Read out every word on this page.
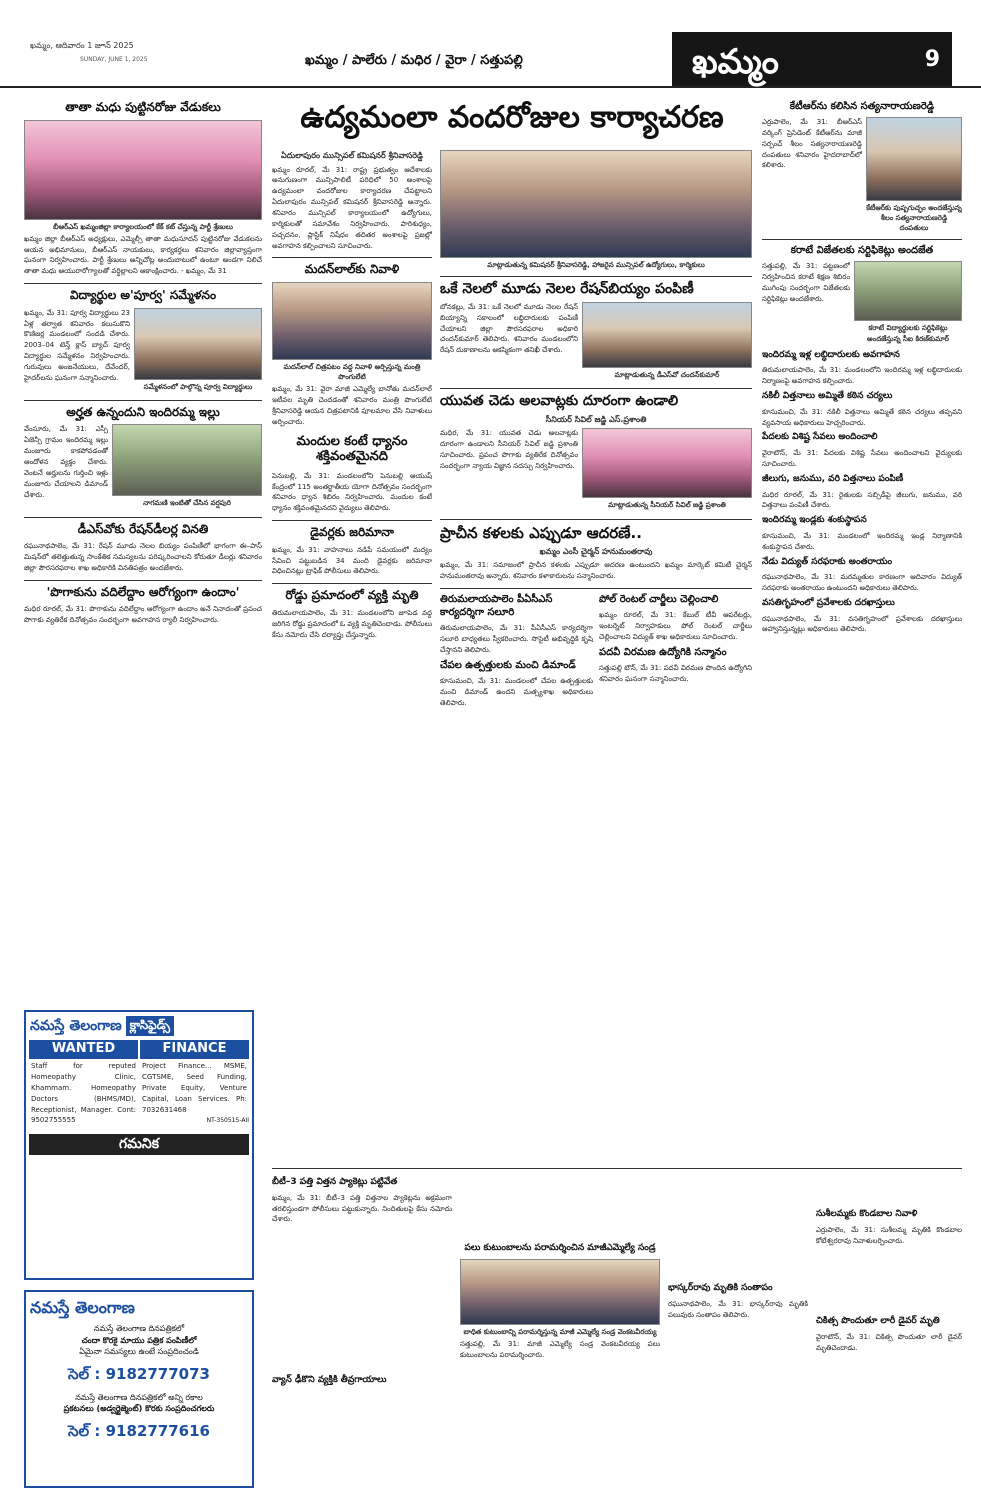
ఖమ్మం, ఆదివారం 1 జూన్ 2025
SUNDAY, JUNE 1, 2025	ఖమ్మం / పాలేరు / మధిర / వైరా / సత్తుపల్లి	ఖమ్మం	9
తాతా మధు పుట్టినరోజు వేడుకలు
బీఆర్ఎస్ ఖమ్మంజిల్లా కార్యాలయంలో కేక్ కట్ చేస్తున్న పార్టీ శ్రేణులు
ఖమ్మం జిల్లా బీఆర్ఎస్ అధ్యక్షులు, ఎమ్మెల్సీ తాతా మధుసూదన్ పుట్టినరోజు వేడుకలను ఆయన అభిమానులు, బీఆర్ఎస్ నాయకులు, కార్యకర్తలు శనివారం జిల్లావ్యాప్తంగా ఘనంగా నిర్వహించారు. పార్టీ శ్రేణులు అన్నిచోట్ల అందుబాటులో ఉంటూ అండగా నిలిచే తాతా మధు ఆయురారోగ్యాలతో వర్ధిల్లాలని ఆకాంక్షించారు. - ఖమ్మం, మే 31
విద్యార్థుల అ'పూర్వ' సమ్మేళనం
ఖమ్మం, మే 31: పూర్వ విద్యార్థులు 23 ఏళ్ల తర్వాత శనివారం కలుసుకొని కొణిజర్ల మండలంలో సందడి చేశారు. 2003–04 టెన్త్ క్లాస్ బ్యాచ్ పూర్వ విద్యార్థుల సమ్మేళనం నిర్వహించారు. గురువులు అంజనేయులు, దేవేందర్, హైదర్‌లను ఘనంగా సన్మానించారు.
సమ్మేళనంలో పాల్గొన్న పూర్వ విద్యార్థులు
అర్హత ఉన్నందుని ఇందిరమ్మ ఇల్లు
వేంసూరు, మే 31: ఎస్సీ ఏజెన్సీ గ్రామం ఇందిరమ్మ ఇల్లు మంజూరు కాకపోవడంతో ఆందోళన వ్యక్తం చేశారు. వెంటనే అర్హులను గుర్తించి ఇళ్లు మంజూరు చేయాలని డిమాండ్ చేశారు.
నాగమణి ఇంటితో చేసిన వర్షపురి
డీఎస్‌వోకు రేషన్‌డీలర్ల వినతి
రఘునాథపాలెం, మే 31: రేషన్ మూడు నెలల బియ్యం పంపిణీలో భాగంగా ఈ–పాస్ మిషన్‌లో తలెత్తుతున్న సాంకేతిక సమస్యలను పరిష్కరించాలని కోరుతూ డీలర్లు శనివారం జిల్లా పౌరసరఫరాల శాఖ అధికారికి వినతిపత్రం అందజేశారు.
'పొగాకును వదిలేద్దాం ఆరోగ్యంగా ఉందాం'
మధిర రూరల్, మే 31: పొగాకును వదిలేద్దాం ఆరోగ్యంగా ఉందాం అనే నినాదంతో ప్రపంచ పొగాకు వ్యతిరేక దినోత్సవం సందర్భంగా అవగాహన ర్యాలీ నిర్వహించారు.
ఏదులాపురం మున్సిపల్ కమిషనర్ శ్రీనివాసరెడ్డి
ఖమ్మం రూరల్, మే 31: రాష్ట్ర ప్రభుత్వం ఆదేశాలకు అనుగుణంగా మున్సిపాలిటీ పరిధిలో 50 అంశాలపై ఉద్యమంలా వందరోజుల కార్యాచరణ చేపట్టాలని ఏదులాపురం మున్సిపల్ కమిషనర్ శ్రీనివాసరెడ్డి అన్నారు. శనివారం మున్సిపల్ కార్యాలయంలో ఉద్యోగులు, కార్మికులతో సమావేశం నిర్వహించారు. పారిశుధ్యం, పచ్చదనం, ప్లాస్టిక్ నిషేధం తదితర అంశాలపై ప్రజల్లో అవగాహన కల్పించాలని సూచించారు.
మదన్‌లాల్‌కు నివాళి
మదన్‌లాల్ చిత్రపటం వద్ద నివాళి అర్పిస్తున్న మంత్రి పొంగులేటి
ఖమ్మం, మే 31: వైరా మాజీ ఎమ్మెల్యే బానోతు మదన్‌లాల్ ఇటీవల మృతి చెందడంతో శనివారం మంత్రి పొంగులేటి శ్రీనివాసరెడ్డి ఆయన చిత్రపటానికి పూలమాల వేసి నివాళులు అర్పించారు.
మందుల కంటే ధ్యానం శక్తివంతమైనది
పెనుబల్లి, మే 31: మండలంలోని పెనుబల్లి ఆయుష్ కేంద్రంలో 115 అంతర్జాతీయ యోగా దినోత్సవం సందర్భంగా శనివారం ధ్యాన శిబిరం నిర్వహించారు. మందుల కంటే ధ్యానం శక్తివంతమైనదని వైద్యులు తెలిపారు.
డైవర్లకు జరిమానా
ఖమ్మం, మే 31: వాహనాలు నడిపే సమయంలో మద్యం సేవించి పట్టుబడిన 34 మంది డైవర్లకు జరిమానా విధించినట్లు ట్రాఫిక్ పోలీసులు తెలిపారు.
రోడ్డు ప్రమాదంలో వ్యక్తి మృతి
తిరుమలాయపాలెం, మే 31: మండలంలోని జూపెడ వద్ద జరిగిన రోడ్డు ప్రమాదంలో ఓ వ్యక్తి మృతిచెందాడు. పోలీసులు కేసు నమోదు చేసి దర్యాప్తు చేస్తున్నారు.
ఉద్యమంలా వందరోజుల కార్యాచరణ
మాట్లాడుతున్న కమిషనర్ శ్రీనివాసరెడ్డి, హాజరైన మున్సిపల్ ఉద్యోగులు, కార్మికులు
ఒకే నెలలో మూడు నెలల రేషన్‌బియ్యం పంపిణీ
బోనకల్లు, మే 31: ఒకే నెలలో మూడు నెలల రేషన్ బియ్యాన్ని సకాలంలో లబ్ధిదారులకు పంపిణీ చేయాలని జిల్లా పౌరసరఫరాల అధికారి చందన్‌కుమార్ తెలిపారు. శనివారం మండలంలోని రేషన్ దుకాణాలను ఆకస్మికంగా తనిఖీ చేశారు.
మాట్లాడుతున్న డీఎస్‌వో చందన్‌కుమార్
యువత చెడు అలవాట్లకు దూరంగా ఉండాలి
సీనియర్ సివిల్ జడ్జి ఎస్.ప్రశాంతి
మధిర, మే 31: యువత చెడు అలవాట్లకు దూరంగా ఉండాలని సీనియర్ సివిల్ జడ్జి ప్రశాంతి సూచించారు. ప్రపంచ పొగాకు వ్యతిరేక దినోత్సవం సందర్భంగా న్యాయ విజ్ఞాన సదస్సు నిర్వహించారు.
మాట్లాడుతున్న సీనియర్ సివిల్ జడ్జి ప్రశాంతి
ప్రాచీన కళలకు ఎప్పుడూ ఆదరణే..
ఖమ్మం ఎంసీ చైర్మన్ హనుమంతరావు
ఖమ్మం, మే 31: సమాజంలో ప్రాచీన కళలకు ఎప్పుడూ ఆదరణ ఉంటుందని ఖమ్మం మార్కెట్ కమిటీ చైర్మన్ హనుమంతరావు అన్నారు. శనివారం కళాకారులను సన్మానించారు.
తిరుమలాయపాలెం పీఏసీఎస్ కార్యదర్శిగా సలూరి
తిరుమలాయపాలెం, మే 31: పీఏసీఎస్ కార్యదర్శిగా సలూరి బాధ్యతలు స్వీకరించారు. సొసైటీ అభివృద్ధికి కృషి చేస్తానని తెలిపారు.
చేపల ఉత్పత్తులకు మంచి డిమాండ్
కూసుమంచి, మే 31: మండలంలో చేపల ఉత్పత్తులకు మంచి డిమాండ్ ఉందని మత్స్యశాఖ అధికారులు తెలిపారు.
పోల్ రెంటల్ చార్జీలు చెల్లించాలి
ఖమ్మం రూరల్, మే 31: కేబుల్ టీవీ ఆపరేటర్లు, ఇంటర్నెట్ నిర్వాహకులు పోల్ రెంటల్ చార్జీలు చెల్లించాలని విద్యుత్ శాఖ అధికారులు సూచించారు.
పదవీ విరమణ ఉద్యోగికి సన్మానం
సత్తుపల్లి టౌన్, మే 31: పదవీ విరమణ పొందిన ఉద్యోగిని శనివారం ఘనంగా సన్మానించారు.
కేటీఆర్‌ను కలిసిన సత్యనారాయణరెడ్డి
ఎర్రుపాలెం, మే 31: బీఆర్ఎస్ వర్కింగ్ ప్రెసిడెంట్ కేటీఆర్‌ను మాజీ సర్పంచ్ శీలం సత్యనారాయణరెడ్డి దంపతులు శనివారం హైదరాబాద్‌లో కలిశారు.
కేటీఆర్‌కు పుష్పగుచ్ఛం అందజేస్తున్న శీలం సత్యనారాయణరెడ్డి దంపతులు
కరాటే విజేతలకు సర్టిఫికెట్లు అందజేత
సత్తుపల్లి, మే 31: పట్టణంలో నిర్వహించిన కరాటే శిక్షణ శిబిరం ముగింపు సందర్భంగా విజేతలకు సర్టిఫికెట్లు అందజేశారు.
కరాటే విద్యార్థులకు సర్టిఫికెట్లు అందజేస్తున్న సీఐ కిరణ్‌కుమార్
ఇందిరమ్మ ఇళ్ల లబ్ధిదారులకు అవగాహన
తిరుమలాయపాలెం, మే 31: మండలంలోని ఇందిరమ్మ ఇళ్ల లబ్ధిదారులకు నిర్మాణంపై అవగాహన కల్పించారు.
నకిలీ విత్తనాలు అమ్మితే కఠిన చర్యలు
కూసుమంచి, మే 31: నకిలీ విత్తనాలు అమ్మితే కఠిన చర్యలు తప్పవని వ్యవసాయ అధికారులు హెచ్చరించారు.
పేదలకు విశిష్ట సేవలు అందించాలి
వైరాటౌన్, మే 31: పేదలకు విశిష్ట సేవలు అందించాలని వైద్యులకు సూచించారు.
జీలుగు, జనుము, వరి విత్తనాలు పంపిణీ
మధిర రూరల్, మే 31: రైతులకు సబ్సిడీపై జీలుగు, జనుము, వరి విత్తనాలు పంపిణీ చేశారు.
ఇందిరమ్మ ఇండ్లకు శంకుస్థాపన
కూసుమంచి, మే 31: మండలంలో ఇందిరమ్మ ఇండ్ల నిర్మాణానికి శంకుస్థాపన చేశారు.
నేడు విద్యుత్ సరఫరాకు అంతరాయం
రఘునాథపాలెం, మే 31: మరమ్మతుల కారణంగా ఆదివారం విద్యుత్ సరఫరాకు అంతరాయం ఉంటుందని అధికారులు తెలిపారు.
వసతిగృహంలో ప్రవేశాలకు దరఖాస్తులు
రఘునాథపాలెం, మే 31: వసతిగృహంలో ప్రవేశాలకు దరఖాస్తులు ఆహ్వానిస్తున్నట్లు అధికారులు తెలిపారు.
బీటీ–3 పత్తి విత్తన ప్యాకెట్లు పట్టివేత
ఖమ్మం, మే 31: బీటీ–3 పత్తి విత్తనాల ప్యాకెట్లను అక్రమంగా తరలిస్తుండగా పోలీసులు పట్టుకున్నారు. నిందితులపై కేసు నమోదు చేశారు.
వ్యాన్ ఢీకొని వ్యక్తికి తీవ్రగాయాలు
పలు కుటుంబాలను పరామర్శించిన మాజీఎమ్మెల్యే సండ్ర
బాధిత కుటుంబాన్ని పరామర్శిస్తున్న మాజీ ఎమ్మెల్యే సండ్ర వెంకటవీరయ్య
సత్తుపల్లి, మే 31: మాజీ ఎమ్మెల్యే సండ్ర వెంకటవీరయ్య పలు కుటుంబాలను పరామర్శించారు.
భాస్కర్‌రావు మృతికి సంతాపం
రఘునాథపాలెం, మే 31: భాస్కర్‌రావు మృతికి పలువురు సంతాపం తెలిపారు.
సుశీలమ్మకు కొండబాల నివాళి
ఎర్రుపాలెం, మే 31: సుశీలమ్మ మృతికి కొండబాల కోటేశ్వరరావు నివాళులర్పించారు.
చికిత్స పొందుతూ లారీ డైవర్ మృతి
వైరాటౌన్, మే 31: చికిత్స పొందుతూ లారీ డైవర్ మృతిచెందాడు.
నమస్తే తెలంగాణ క్లాసిఫైడ్స్
WANTED
Staff for reputed Homeopathy Clinic, Khammam. Homeopathy Doctors (BHMS/MD), Receptionist, Manager. Cont: 9502755555
FINANCE
Project Finance... MSME, CGTSME, Seed Funding, Private Equity, Venture Capital, Loan Services. Ph: 7032631468
NT-350515-AII
గమనిక
నమస్తే తెలంగాణ
నమస్తే తెలంగాణ దినపత్రికలో
చందా కొరకై మాయు పత్రిక పంపిణీలో
ఏమైనా సమస్యలు ఉంటే సంప్రదించండి
సెల్ : 9182777073
నమస్తే తెలంగాణ దినపత్రికలో అన్ని రకాల
ప్రకటనలు (అడ్వర్టైజ్మెంట్) కొరకు సంప్రదించగలరు
సెల్ : 9182777616
